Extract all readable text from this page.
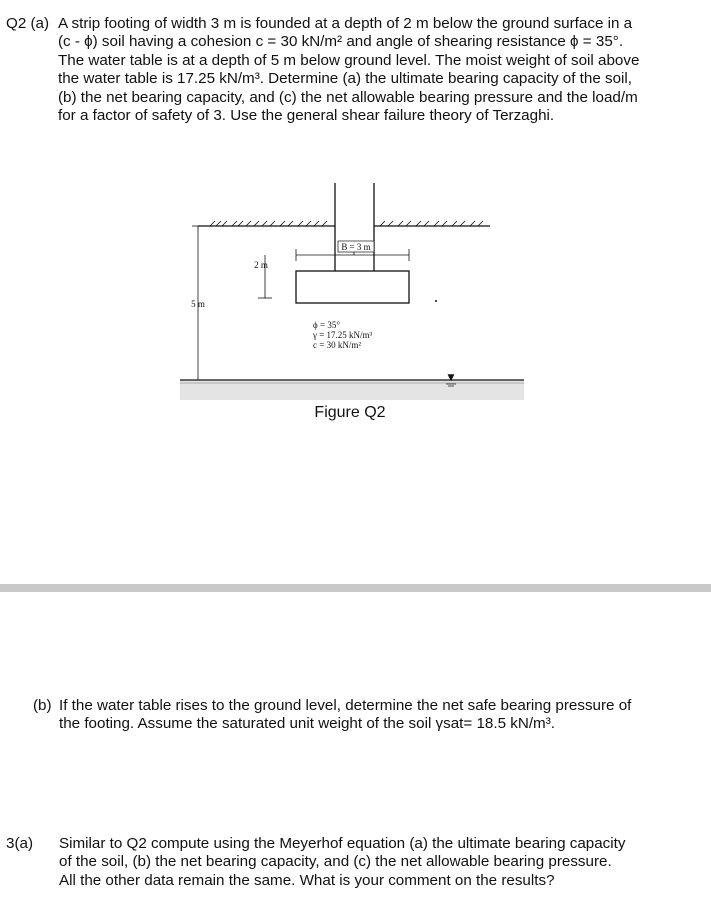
Q2 (a) A strip footing of width 3 m is founded at a depth of 2 m below the ground surface in a
(c - ϕ) soil having a cohesion c = 30 kN/m² and angle of shearing resistance ϕ = 35°.
The water table is at a depth of 5 m below ground level. The moist weight of soil above
the water table is 17.25 kN/m³. Determine (a) the ultimate bearing capacity of the soil,
(b) the net bearing capacity, and (c) the net allowable bearing pressure and the load/m
for a factor of safety of 3. Use the general shear failure theory of Terzaghi.
B = 3 m
2 m
5 m
ϕ = 35°
γ = 17.25 kN/m³
c = 30 kN/m²
▼
Figure Q2
(b) If the water table rises to the ground level, determine the net safe bearing pressure of
the footing. Assume the saturated unit weight of the soil γsat= 18.5 kN/m³.
3(a) Similar to Q2 compute using the Meyerhof equation (a) the ultimate bearing capacity
of the soil, (b) the net bearing capacity, and (c) the net allowable bearing pressure.
All the other data remain the same. What is your comment on the results?
